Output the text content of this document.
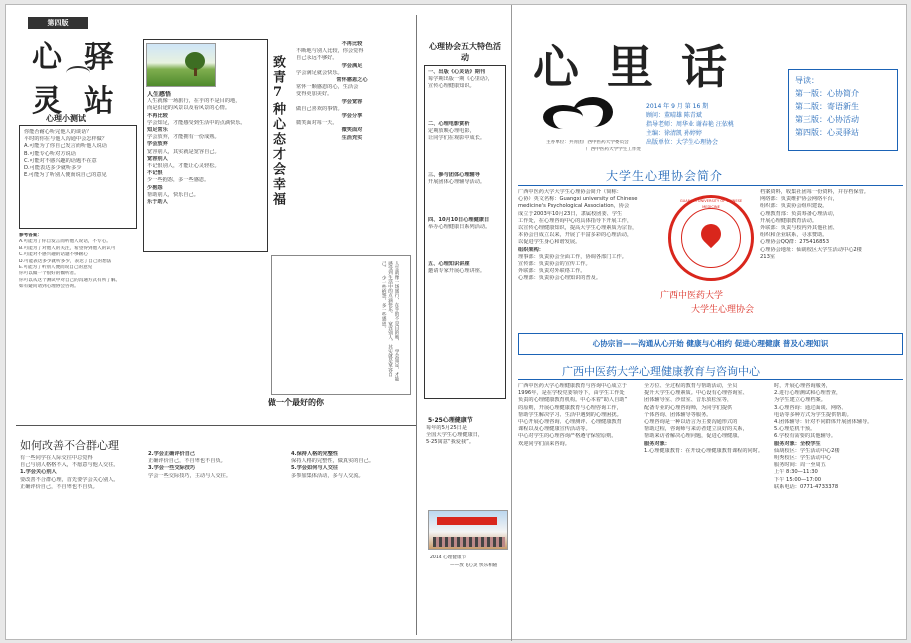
第四版
心 驿
灵 站
心理小测试
你能否耐心听完他人的谈话？
平时的你在与他人沟通中会怎样做？
A.可能为了你自己发言而听他人说话
B.可能专心听对方说话
C.可能对不感兴趣的话题不在意
D.可能表达多少就听多少
E.可能为了听别人便而说自己的意见
人生感悟
人生就像一场旅行，在乎的不是目的地，
而是沿途的风景以及看风景的心情。
不再比较
学会知足，才能感受到生活中的点滴快乐。
知足常乐
学会放弃，才能拥有一份成熟。
学会放弃
宽容别人，其实就是宽容自己。
宽容别人
不记恨别人，才能让心灵轻松。
不记恨
少一些抱怨，多一些感恩。
少抱怨
帮助别人，快乐自己。
乐于助人	致青7种心态才会幸福
不再比较
不断地与别人比较，你会觉得
自己永远不够好。
学会满足
学会满足就会快乐。
常怀感恩之心
常怀一颗感恩的心，生活会
变得更加美好。
学会宽容
做自己喜欢的事情。
学会分享
微笑面对每一天。
微笑面对
生活充实
参考答案：
A.可能为了你自发言而听他人说话，不专心。
B.可能为了对他人的关注，希望得到他人的认可
C.可能对不感兴趣的话题不够耐心
D.可能表达多少就听多少，表达了自己的想法
E.可能为了听别人便而说自己的意见
你可以做一个很好的倾听者。
你可以从这个测试中对自己的沟通方式有所了解。
如有疑问请到心理协会咨询。	人生就像一场旅行，在乎的不是目的地， 学会知足，才能感受到生活中的点滴快乐。 宽容别人，其实就是宽容自己。 少一些抱怨，多一些感恩。
做一个最好的你
如何改善不合群心理
有一些同学在人际交往中总觉得
自己与别人格格不入，不愿意与他人交往。
1.学会关心别人
要改善不合群心理，首先要学会关心别人。
正确评价自己，不自卑也不自负。
2.学会正确评价自己
正确评价自己，不自卑也不自负。
3.学会一些交际技巧
学会一些交际技巧，主动与人交往。
4.保持人格的完整性
保持人格的完整性，做真实的自己。
5.学会如何与人交往
多参加集体活动，多与人交流。
心理协会五大特色活动
一、出版《心灵话》期刊
每学期出版一期《心里话》，
宣传心理健康知识。
二、心理电影赏析
定期放映心理电影，
让同学们在观影中成长。
三、参与团体心理辅导
开展团体心理辅导活动。
四、10月10日心理健康日
举办心理健康日系列活动。
五、心理知识讲座
邀请专家开展心理讲座。
5·25心理健康节
每年的5月25日是
全国大学生心理健康日，
5·25寓意“我爱我”。
2014 心理健康节
——放飞心灵 快乐相随
心 里 话
主办单位：共青团广西中医药大学委员会
广西中医药大学学生工作处
2014 年 9 月 第 16 期
顾问：董晴雄 陈青斌
指导老师：周华业 谢春艳 汪依桃
主编：徐清凯 孙婷婷
出版单位：大学生心理协会
导读：
第一版：心协简介
第二版：寄语新生
第三版：心协活动
第四版：心灵驿站
大学生心理协会简介
广西中医药大学大学生心理协会简介（简称：
心协）英文名称：Guangxi university of Chinese
medicine's Psychological Association，协会
成立于2003年10月23日，隶属校团委、学生
工作处，在心理咨询中心的具体指导下开展工作，
以宣传心理健康知识，提高大学生心理素质为宗旨，
本协会自成立以来，开展了丰富多彩的心理活动，
以促进学生身心和谐发展。
组织架构：
理事部：负责协会全面工作，协调各部门工作。
宣传部：负责协会的宣传工作。
外联部：负责对外联络工作。
心理部：负责协会心理知识的普及。
GUANGXI UNIVERSITY OF CHINESE MEDICINE
广西中医药大学
大学生心理协会
档案资料，收集社团每一份资料，并存档保管。
网络部：负责维护协会网络平台，
组织部：负责协会组织建设。
心理教育部：负责筹备心理活动，
开展心理健康教育活动。
外联部：负责与校内外其他社团、
组织和企业联系，寻求赞助。
心理协会QQ群：275416853
心理协会地址：仙葫校区大学生活动中心2楼
213室
心协宗旨——沟通从心开始 健康与心相约 促进心理健康 普及心理知识
广西中医药大学心理健康教育与咨询中心
广西中医药大学心理健康教育与咨询中心成立于
1996年，是在学校党委领导下，由学生工作处
负责的心理健康教育机构。中心本着“助人自助”
的原则，开展心理健康教育与心理咨询工作，
帮助学生解决学习、生活中遇到的心理困扰。
中心开展心理咨询、心理测评、心理健康教育
课程以及心理健康宣传活动等。
中心对学生的心理咨询严格遵守保密原则。
欢迎同学们前来咨询。
全方位、全过程的教育与帮助活动，全员
提升大学生心理素质。中心设有心理咨询室、
团体辅导室、沙盘室、音乐放松室等，
配备专业的心理咨询师，为同学们提供
个体咨询、团体辅导等服务。
心理咨询是一种以语言为主要沟通形式的
帮助过程，咨询师与来访者建立良好的关系，
帮助来访者解决心理问题，促进心理健康。
服务对象：
1.心理健康教育：在开设心理健康教育课程的同时。
时，开展心理咨询服务，
2.进行心理测试和心理普查，
为学生建立心理档案。
3.心理咨询：通过面谈、网络、
电话等多种方式为学生提供帮助。
4.团体辅导：针对不同群体开展团体辅导。
5.心理危机干预。
6.学校有需要的其他辅导。
服务对象：全校学生
仙葫校区：学生活动中心2楼
明秀校区：学生活动中心
服务时间：周一至周五
上午 8:30—11:30
下午 15:00—17:00
联系电话：0771-4733378
